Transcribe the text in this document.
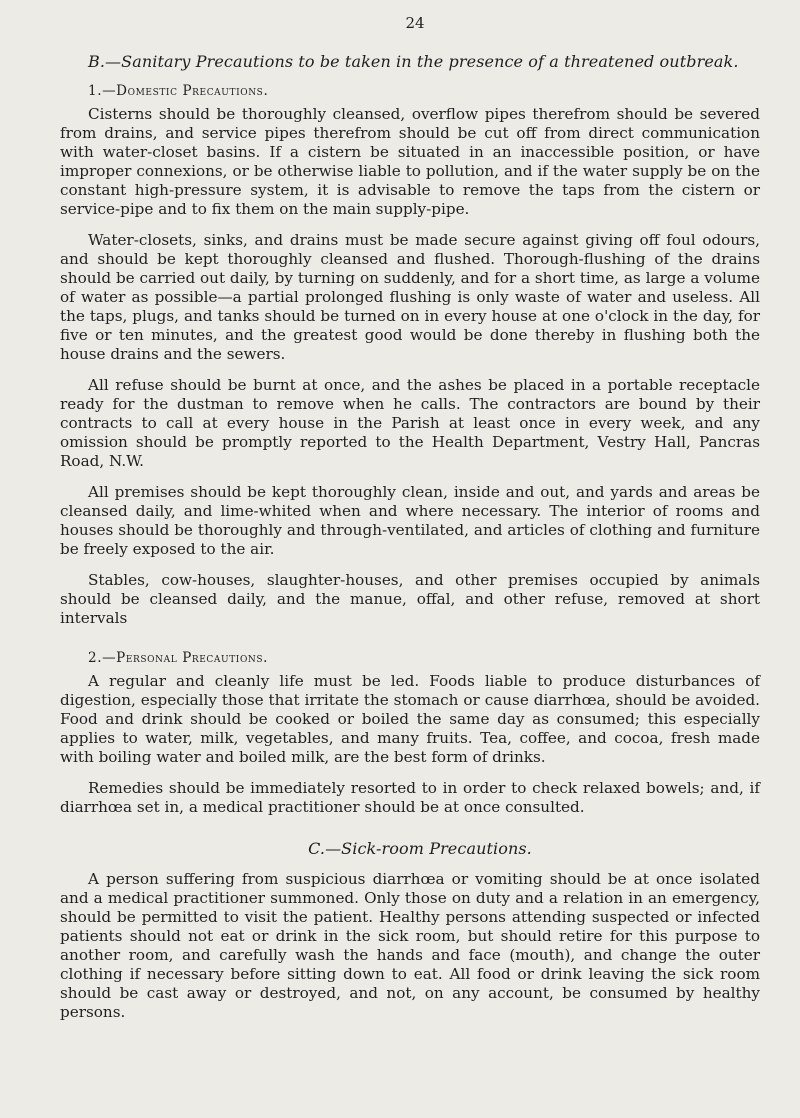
24
B.—Sanitary Precautions to be taken in the presence of a threatened outbreak.
1.—Domestic Precautions.

Cisterns should be thoroughly cleansed, overflow pipes therefrom should be severed from drains, and service pipes therefrom should be cut off from direct communication with water-closet basins. If a cistern be situated in an inaccessible position, or have improper connexions, or be otherwise liable to pollution, and if the water supply be on the constant high-pressure system, it is advisable to remove the taps from the cistern or service-pipe and to fix them on the main supply-pipe.

Water-closets, sinks, and drains must be made secure against giving off foul odours, and should be kept thoroughly cleansed and flushed. Thorough-flushing of the drains should be carried out daily, by turning on suddenly, and for a short time, as large a volume of water as possible—a partial prolonged flushing is only waste of water and useless. All the taps, plugs, and tanks should be turned on in every house at one o'clock in the day, for five or ten minutes, and the greatest good would be done thereby in flushing both the house drains and the sewers.

All refuse should be burnt at once, and the ashes be placed in a portable receptacle ready for the dustman to remove when he calls. The contractors are bound by their contracts to call at every house in the Parish at least once in every week, and any omission should be promptly reported to the Health Department, Vestry Hall, Pancras Road, N.W.

All premises should be kept thoroughly clean, inside and out, and yards and areas be cleansed daily, and lime-whited when and where necessary. The interior of rooms and houses should be thoroughly and through-ventilated, and articles of clothing and furniture be freely exposed to the air.

Stables, cow-houses, slaughter-houses, and other premises occupied by animals should be cleansed daily, and the manue, offal, and other refuse, removed at short intervals

2.—Personal Precautions.

A regular and cleanly life must be led. Foods liable to produce disturbances of digestion, especially those that irritate the stomach or cause diarrhœa, should be avoided. Food and drink should be cooked or boiled the same day as consumed; this especially applies to water, milk, vegetables, and many fruits. Tea, coffee, and cocoa, fresh made with boiling water and boiled milk, are the best form of drinks.

Remedies should be immediately resorted to in order to check relaxed bowels; and, if diarrhœa set in, a medical practitioner should be at once consulted.

C.—Sick-room Precautions.

A person suffering from suspicious diarrhœa or vomiting should be at once isolated and a medical practitioner summoned. Only those on duty and a relation in an emergency, should be permitted to visit the patient. Healthy persons attending suspected or infected patients should not eat or drink in the sick room, but should retire for this purpose to another room, and carefully wash the hands and face (mouth), and change the outer clothing if necessary before sitting down to eat. All food or drink leaving the sick room should be cast away or destroyed, and not, on any account, be consumed by healthy persons.
